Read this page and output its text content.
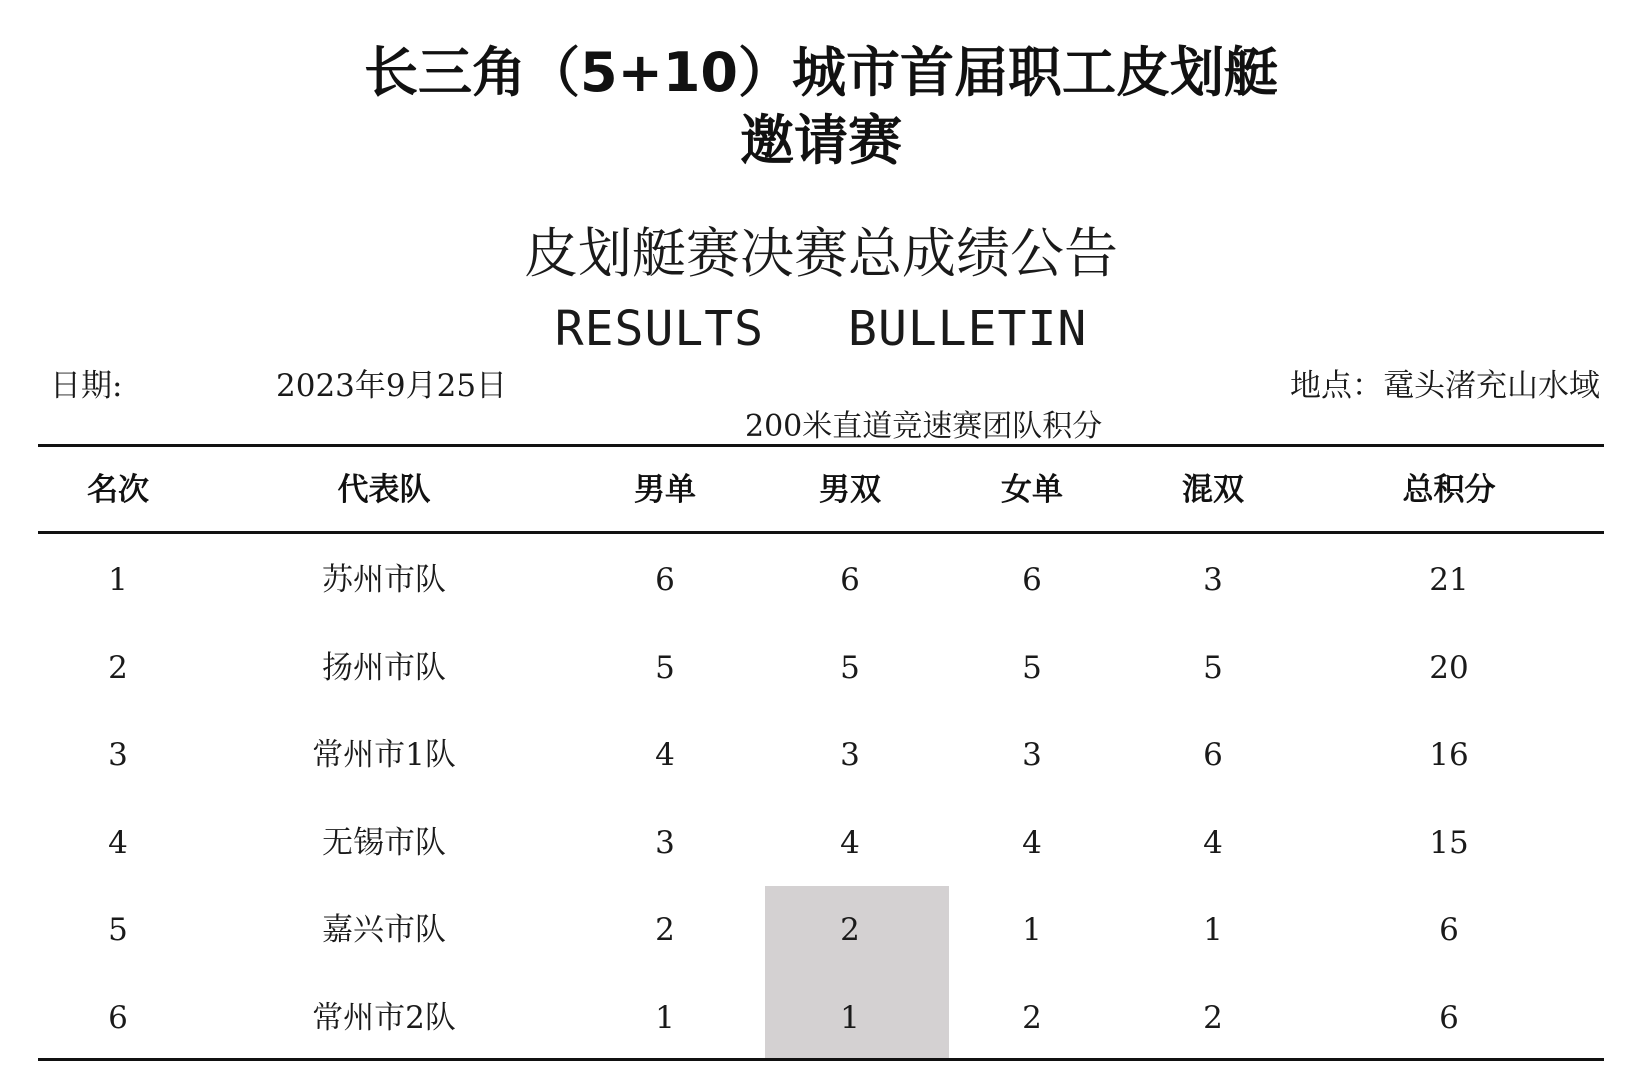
长三角（5+10）城市首届职工皮划艇
邀请赛
皮划艇赛决赛总成绩公告
RESULTS BULLETIN
日期:	2023年9月25日	地点：鼋头渚充山水域
200米直道竞速赛团队积分
名次	代表队	男单	男双	女单	混双	总积分
1	苏州市队	6	6	6	3	21
2	扬州市队	5	5	5	5	20
3	常州市1队	4	3	3	6	16
4	无锡市队	3	4	4	4	15
5	嘉兴市队	2	2	1	1	6
6	常州市2队	1	1	2	2	6
